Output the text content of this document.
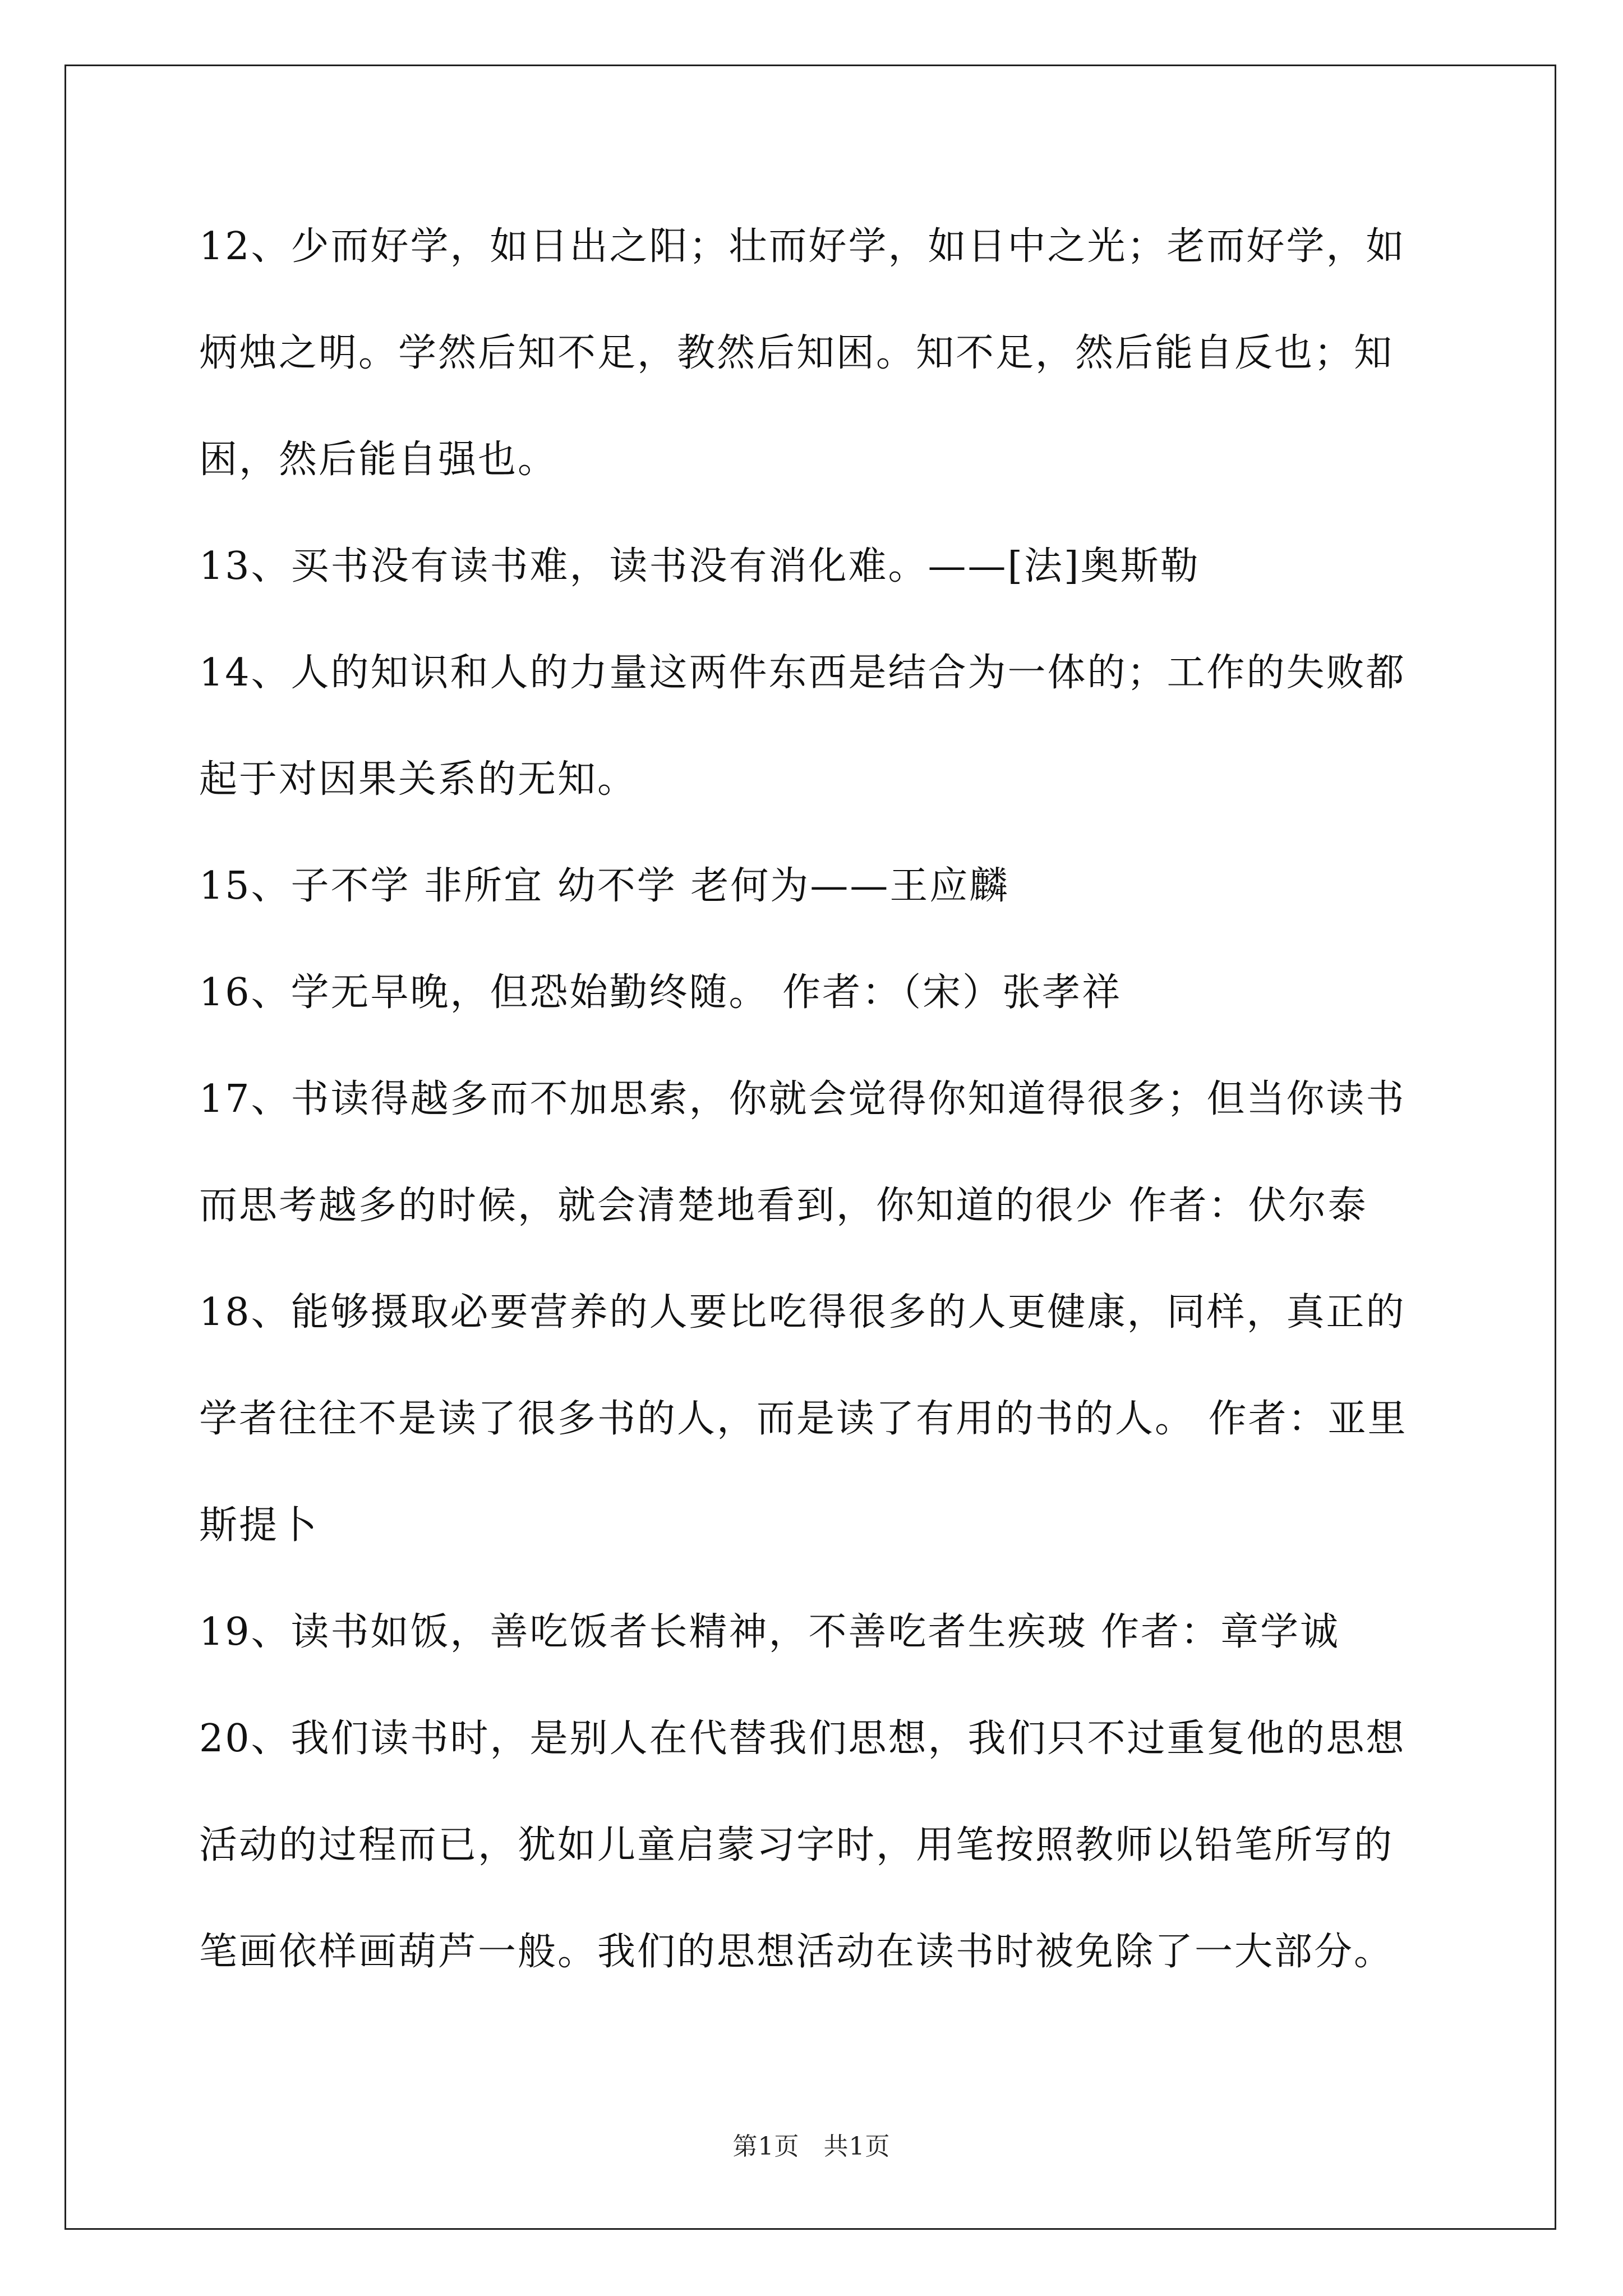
12、少而好学，如日出之阳；壮而好学，如日中之光；老而好学，如
炳烛之明。学然后知不足，教然后知困。知不足，然后能自反也；知
困，然后能自强也。
13、买书没有读书难，读书没有消化难。——[法]奥斯勒
14、人的知识和人的力量这两件东西是结合为一体的；工作的失败都
起于对因果关系的无知。
15、子不学 非所宜 幼不学 老何为——王应麟
16、学无早晚，但恐始勤终随。 作者：（宋）张孝祥
17、书读得越多而不加思索，你就会觉得你知道得很多；但当你读书
而思考越多的时候，就会清楚地看到，你知道的很少 作者：伏尔泰
18、能够摄取必要营养的人要比吃得很多的人更健康，同样，真正的
学者往往不是读了很多书的人，而是读了有用的书的人。 作者：亚里
斯提卜
19、读书如饭，善吃饭者长精神，不善吃者生疾玻 作者：章学诚
20、我们读书时，是别人在代替我们思想，我们只不过重复他的思想
活动的过程而已，犹如儿童启蒙习字时，用笔按照教师以铅笔所写的
笔画依样画葫芦一般。我们的思想活动在读书时被免除了一大部分。
第1页 共1页
